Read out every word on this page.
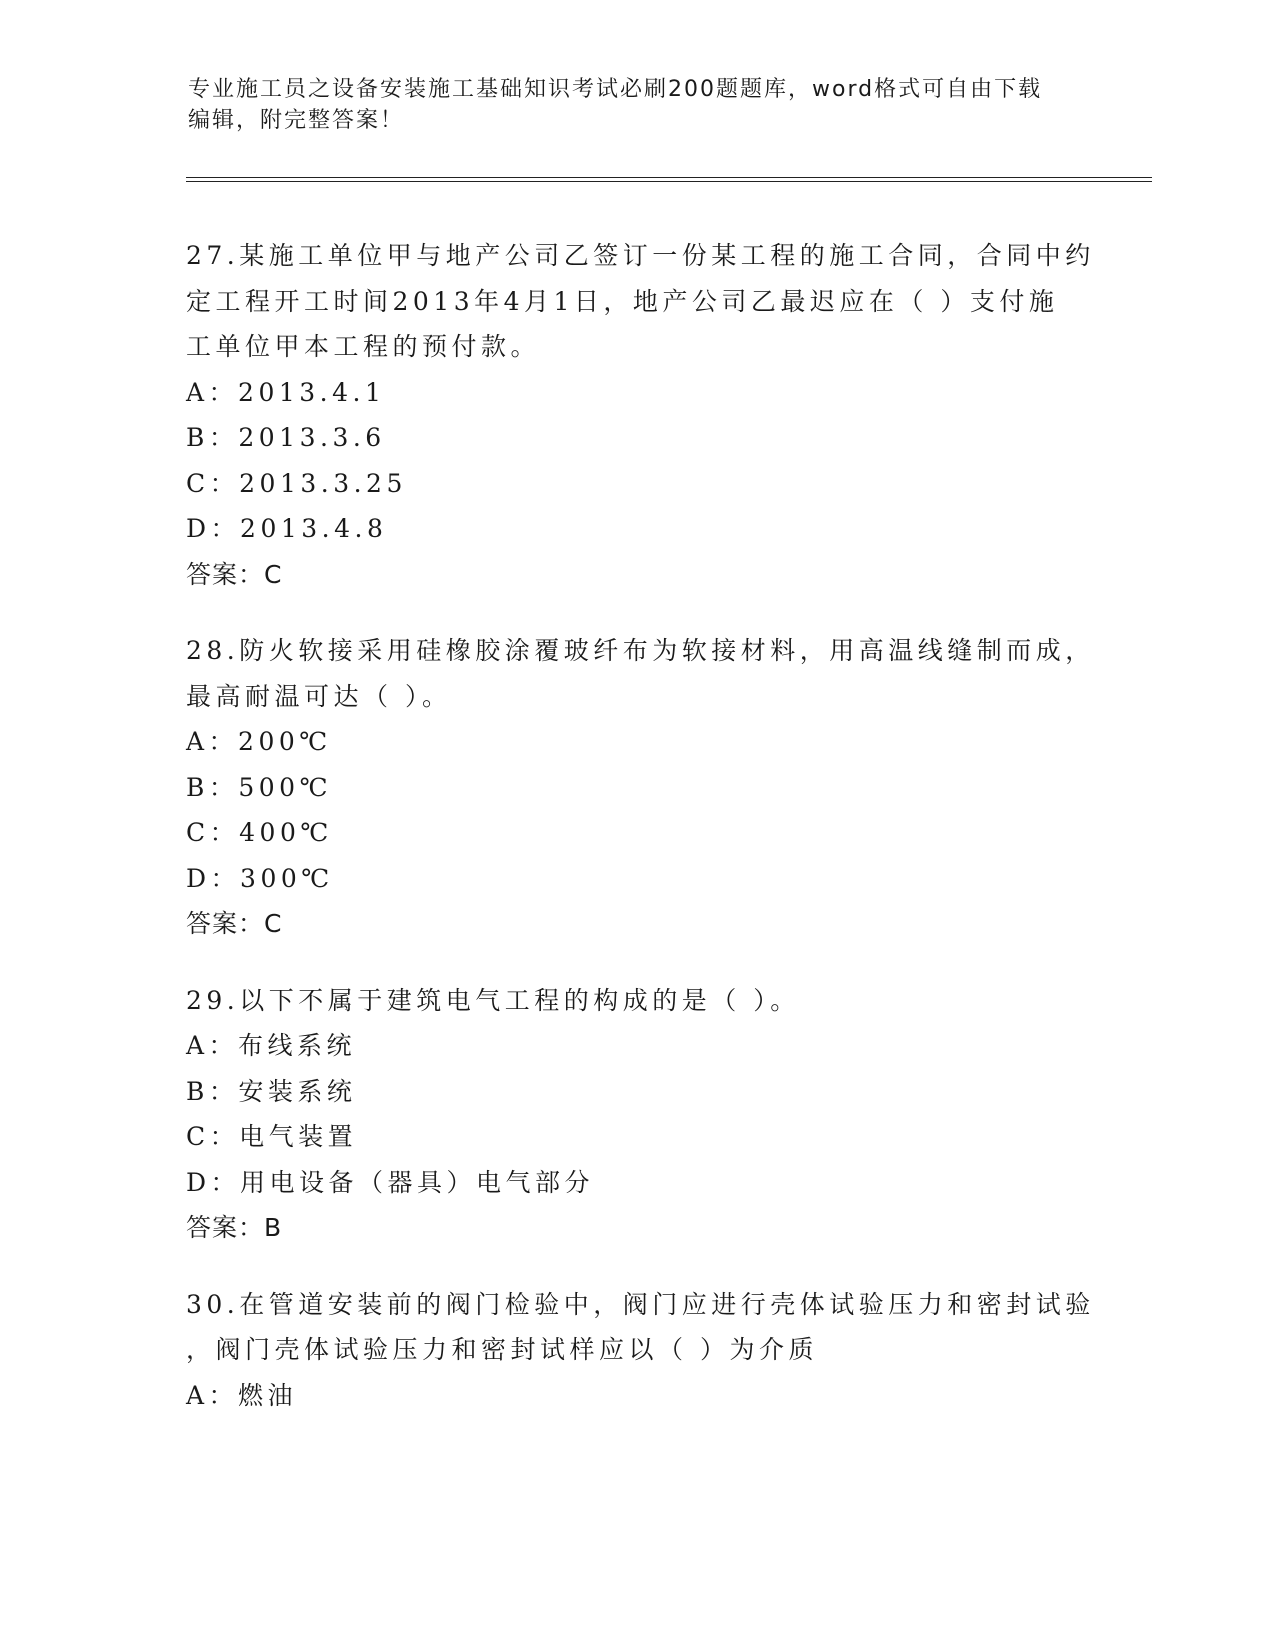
专业施工员之设备安装施工基础知识考试必刷200题题库，word格式可自由下载
编辑，附完整答案！
27.某施工单位甲与地产公司乙签订一份某工程的施工合同，合同中约
定工程开工时间2013年4月1日，地产公司乙最迟应在（ ）支付施
工单位甲本工程的预付款。
A：2013.4.1
B：2013.3.6
C：2013.3.25
D：2013.4.8
答案：C
28.防火软接采用硅橡胶涂覆玻纤布为软接材料，用高温线缝制而成，
最高耐温可达（ ）。
A：200℃
B：500℃
C：400℃
D：300℃
答案：C
29.以下不属于建筑电气工程的构成的是（ ）。
A：布线系统
B：安装系统
C：电气装置
D：用电设备（器具）电气部分
答案：B
30.在管道安装前的阀门检验中，阀门应进行壳体试验压力和密封试验
，阀门壳体试验压力和密封试样应以（ ）为介质
A：燃油
